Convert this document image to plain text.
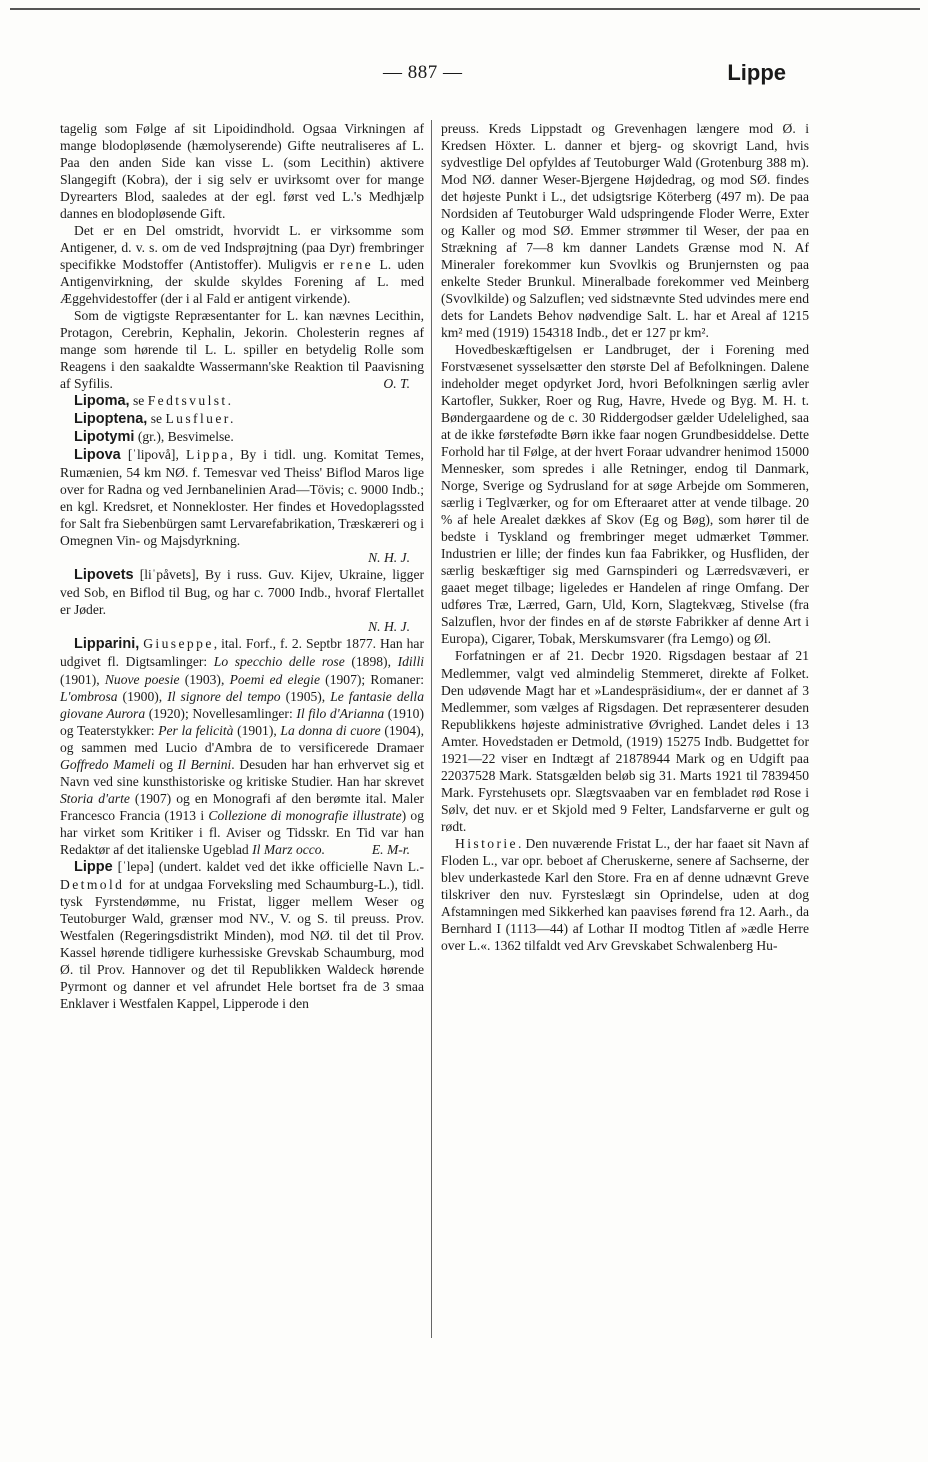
— 887 —	Lippe

tagelig som Følge af sit Lipoidindhold. Ogsaa Virkningen af mange blodopløsende (hæmolyserende) Gifte neutraliseres af L. Paa den anden Side kan visse L. (som Lecithin) aktivere Slangegift (Kobra), der i sig selv er uvirksomt over for mange Dyrearters Blod, saaledes at der egl. først ved L.'s Medhjælp dannes en blodopløsende Gift.

Det er en Del omstridt, hvorvidt L. er virksomme som Antigener, d. v. s. om de ved Indsprøjtning (paa Dyr) frembringer specifikke Modstoffer (Antistoffer). Muligvis er rene L. uden Antigenvirkning, der skulde skyldes Forening af L. med Æggehvidestoffer (der i al Fald er antigent virkende).

Som de vigtigste Repræsentanter for L. kan nævnes Lecithin, Protagon, Cerebrin, Kephalin, Jekorin. Cholesterin regnes af mange som hørende til L. L. spiller en betydelig Rolle som Reagens i den saakaldte Wassermann'ske Reaktion til Paavisning af Syfilis.	O. T.

Lipoma, se Fedtsvulst.

Lipoptena, se Lusfluer.

Lipotymi (gr.), Besvimelse.

Lipova [ˈlipovå], Lippa, By i tidl. ung. Komitat Temes, Rumænien, 54 km NØ. f. Temesvar ved Theiss' Biflod Maros lige over for Radna og ved Jernbanelinien Arad—Tövis; c. 9000 Indb.; en kgl. Kredsret, et Nonnekloster. Her findes et Hovedoplagssted for Salt fra Siebenbürgen samt Lervarefabrikation, Træskæreri og i Omegnen Vin- og Majsdyrkning.

N. H. J.

Lipovets [liˈpåvets], By i russ. Guv. Kijev, Ukraine, ligger ved Sob, en Biflod til Bug, og har c. 7000 Indb., hvoraf Flertallet er Jøder.

N. H. J.

Lipparini, Giuseppe, ital. Forf., f. 2. Septbr 1877. Han har udgivet fl. Digtsamlinger: Lo specchio delle rose (1898), Idilli (1901), Nuove poesie (1903), Poemi ed elegie (1907); Romaner: L'ombrosa (1900), Il signore del tempo (1905), Le fantasie della giovane Aurora (1920); Novellesamlinger: Il filo d'Arianna (1910) og Teaterstykker: Per la felicità (1901), La donna di cuore (1904), og sammen med Lucio d'Ambra de to versificerede Dramaer Goffredo Mameli og Il Bernini. Desuden har han erhvervet sig et Navn ved sine kunsthistoriske og kritiske Studier. Han har skrevet Storia d'arte (1907) og en Monografi af den berømte ital. Maler Francesco Francia (1913 i Collezione di monografie illustrate) og har virket som Kritiker i fl. Aviser og Tidsskr. En Tid var han Redaktør af det italienske Ugeblad Il Marz occo.	E. M-r.

Lippe [ˈlepə] (undert. kaldet ved det ikke officielle Navn L.-Detmold for at undgaa Forveksling med Schaumburg-L.), tidl. tysk Fyrstendømme, nu Fristat, ligger mellem Weser og Teutoburger Wald, grænser mod NV., V. og S. til preuss. Prov. Westfalen (Regeringsdistrikt Minden), mod NØ. til det til Prov. Kassel hørende tidligere kurhessiske Grevskab Schaumburg, mod Ø. til Prov. Hannover og det til Republikken Waldeck hørende Pyrmont og danner et vel afrundet Hele bortset fra de 3 smaa Enklaver i Westfalen Kappel, Lipperode i den

preuss. Kreds Lippstadt og Grevenhagen længere mod Ø. i Kredsen Höxter. L. danner et bjerg- og skovrigt Land, hvis sydvestlige Del opfyldes af Teutoburger Wald (Grotenburg 388 m). Mod NØ. danner Weser-Bjergene Højdedrag, og mod SØ. findes det højeste Punkt i L., det udsigtsrige Köterberg (497 m). De paa Nordsiden af Teutoburger Wald udspringende Floder Werre, Exter og Kaller og mod SØ. Emmer strømmer til Weser, der paa en Strækning af 7—8 km danner Landets Grænse mod N. Af Mineraler forekommer kun Svovlkis og Brunjernsten og paa enkelte Steder Brunkul. Mineralbade forekommer ved Meinberg (Svovlkilde) og Salzuflen; ved sidstnævnte Sted udvindes mere end dets for Landets Behov nødvendige Salt. L. har et Areal af 1215 km² med (1919) 154318 Indb., det er 127 pr km².

Hovedbeskæftigelsen er Landbruget, der i Forening med Forstvæsenet sysselsætter den største Del af Befolkningen. Dalene indeholder meget opdyrket Jord, hvori Befolkningen særlig avler Kartofler, Sukker, Roer og Rug, Havre, Hvede og Byg. M. H. t. Bøndergaardene og de c. 30 Riddergodser gælder Udelelighed, saa at de ikke førstefødte Børn ikke faar nogen Grundbesiddelse. Dette Forhold har til Følge, at der hvert Foraar udvandrer henimod 15000 Mennesker, som spredes i alle Retninger, endog til Danmark, Norge, Sverige og Sydrusland for at søge Arbejde om Sommeren, særlig i Teglværker, og for om Efteraaret atter at vende tilbage. 20 % af hele Arealet dækkes af Skov (Eg og Bøg), som hører til de bedste i Tyskland og frembringer meget udmærket Tømmer. Industrien er lille; der findes kun faa Fabrikker, og Husfliden, der særlig beskæftiger sig med Garnspinderi og Lærredsvæveri, er gaaet meget tilbage; ligeledes er Handelen af ringe Omfang. Der udføres Træ, Lærred, Garn, Uld, Korn, Slagtekvæg, Stivelse (fra Salzuflen, hvor der findes en af de største Fabrikker af denne Art i Europa), Cigarer, Tobak, Merskumsvarer (fra Lemgo) og Øl.

Forfatningen er af 21. Decbr 1920. Rigsdagen bestaar af 21 Medlemmer, valgt ved almindelig Stemmeret, direkte af Folket. Den udøvende Magt har et »Landespräsidium«, der er dannet af 3 Medlemmer, som vælges af Rigsdagen. Det repræsenterer desuden Republikkens højeste administrative Øvrighed. Landet deles i 13 Amter. Hovedstaden er Detmold, (1919) 15275 Indb. Budgettet for 1921—22 viser en Indtægt af 21878944 Mark og en Udgift paa 22037528 Mark. Statsgælden beløb sig 31. Marts 1921 til 7839450 Mark. Fyrstehusets opr. Slægtsvaaben var en fembladet rød Rose i Sølv, det nuv. er et Skjold med 9 Felter, Landsfarverne er gult og rødt.

Historie. Den nuværende Fristat L., der har faaet sit Navn af Floden L., var opr. beboet af Cheruskerne, senere af Sachserne, der blev underkastede Karl den Store. Fra en af denne udnævnt Greve tilskriver den nuv. Fyrsteslægt sin Oprindelse, uden at dog Afstamningen med Sikkerhed kan paavises førend fra 12. Aarh., da Bernhard I (1113—44) af Lothar II modtog Titlen af »ædle Herre over L.«. 1362 tilfaldt ved Arv Grevskabet Schwalenberg Hu-
